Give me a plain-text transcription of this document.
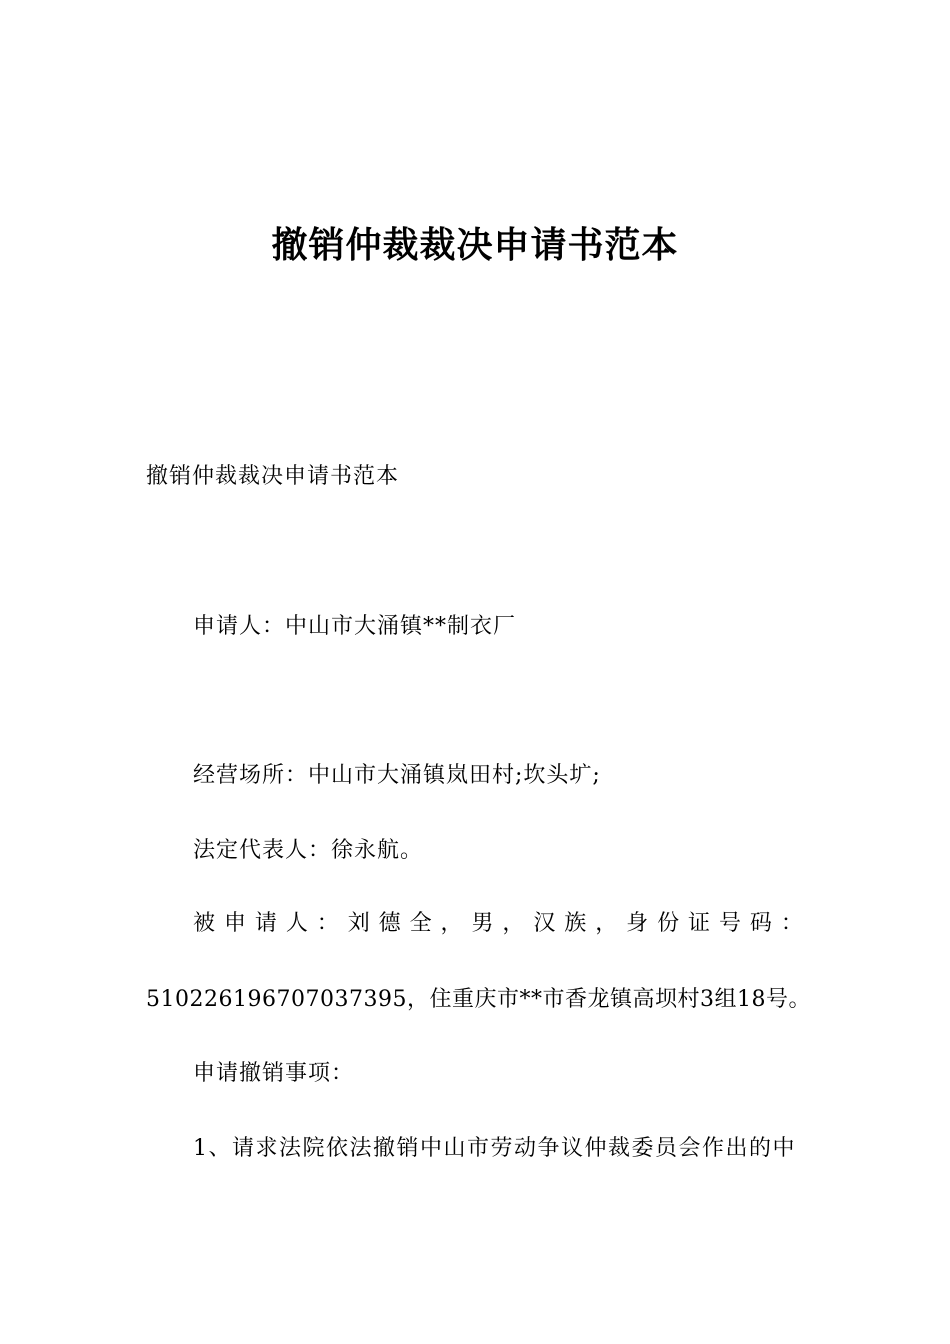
撤销仲裁裁决申请书范本

撤销仲裁裁决申请书范本

申请人：中山市大涌镇**制衣厂

经营场所：中山市大涌镇岚田村;坎头圹;

法定代表人：徐永航。

被 申 请 人 ： 刘 德 全 ， 男 ， 汉 族 ， 身 份 证 号 码 ：

510226196707037395，住重庆市**市香龙镇高坝村3组18号。

申请撤销事项：

1、请求法院依法撤销中山市劳动争议仲裁委员会作出的中
